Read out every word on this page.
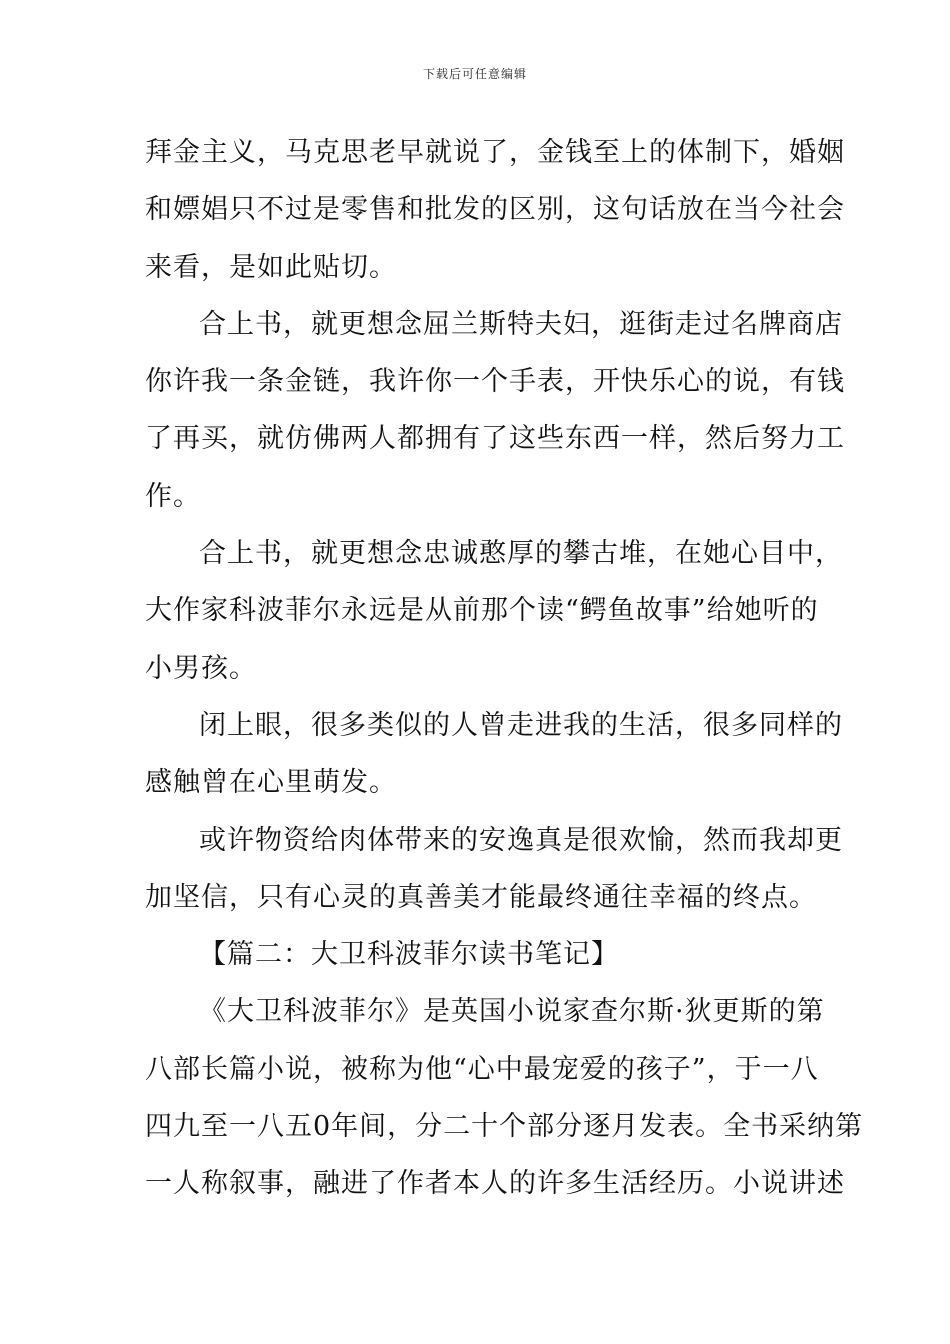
下载后可任意编辑
拜金主义，马克思老早就说了，金钱至上的体制下，婚姻
和嫖娼只不过是零售和批发的区别，这句话放在当今社会
来看，是如此贴切。
合上书，就更想念屈兰斯特夫妇，逛街走过名牌商店
你许我一条金链，我许你一个手表，开快乐心的说，有钱
了再买，就仿佛两人都拥有了这些东西一样，然后努力工
作。
合上书，就更想念忠诚憨厚的攀古堆，在她心目中，
大作家科波菲尔永远是从前那个读“鳄鱼故事”给她听的
小男孩。
闭上眼，很多类似的人曾走进我的生活，很多同样的
感触曾在心里萌发。
或许物资给肉体带来的安逸真是很欢愉，然而我却更
加坚信，只有心灵的真善美才能最终通往幸福的终点。
【篇二：大卫科波菲尔读书笔记】
《大卫科波菲尔》是英国小说家查尔斯·狄更斯的第
八部长篇小说，被称为他“心中最宠爱的孩子”，于一八
四九至一八五0年间，分二十个部分逐月发表。全书采纳第
一人称叙事，融进了作者本人的许多生活经历。小说讲述
